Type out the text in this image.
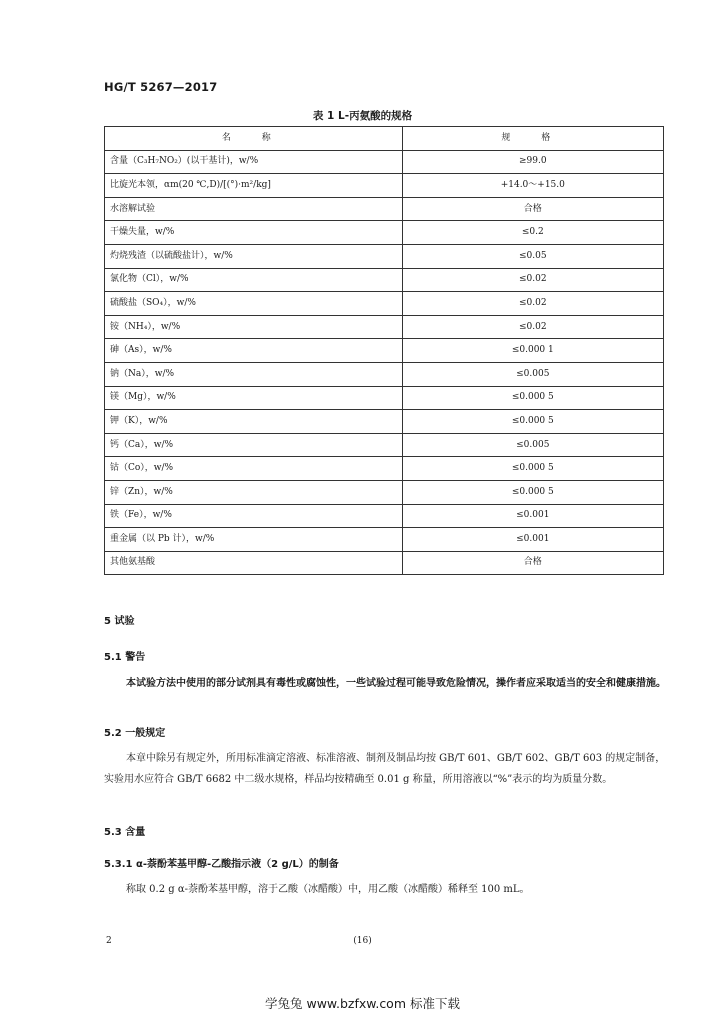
HG/T 5267—2017
表 1 L-丙氨酸的规格
名 称	规 格
含量（C₃H₇NO₂）(以干基计)，w/%	≥99.0
比旋光本领，αm(20 ℃,D)/[(°)·m²/kg]	+14.0～+15.0
水溶解试验	合格
干燥失量，w/%	≤0.2
灼烧残渣（以硫酸盐计），w/%	≤0.05
氯化物（Cl），w/%	≤0.02
硫酸盐（SO₄），w/%	≤0.02
铵（NH₄），w/%	≤0.02
砷（As），w/%	≤0.000 1
钠（Na），w/%	≤0.005
镁（Mg），w/%	≤0.000 5
钾（K），w/%	≤0.000 5
钙（Ca），w/%	≤0.005
钴（Co），w/%	≤0.000 5
锌（Zn），w/%	≤0.000 5
铁（Fe），w/%	≤0.001
重金属（以 Pb 计），w/%	≤0.001
其他氨基酸	合格
5 试验
5.1 警告
本试验方法中使用的部分试剂具有毒性或腐蚀性，一些试验过程可能导致危险情况，操作者应采取适当的安全和健康措施。
5.2 一般规定
本章中除另有规定外，所用标准滴定溶液、标准溶液、制剂及制品均按 GB/T 601、GB/T 602、GB/T 603 的规定制备，实验用水应符合 GB/T 6682 中二级水规格，样品均按精确至 0.01 g 称量，所用溶液以“%”表示的均为质量分数。
5.3 含量
5.3.1 α-萘酚苯基甲醇-乙酸指示液（2 g/L）的制备
称取 0.2 g α-萘酚苯基甲醇，溶于乙酸（冰醋酸）中，用乙酸（冰醋酸）稀释至 100 mL。
2	(16)
学兔兔 www.bzfxw.com 标准下载
